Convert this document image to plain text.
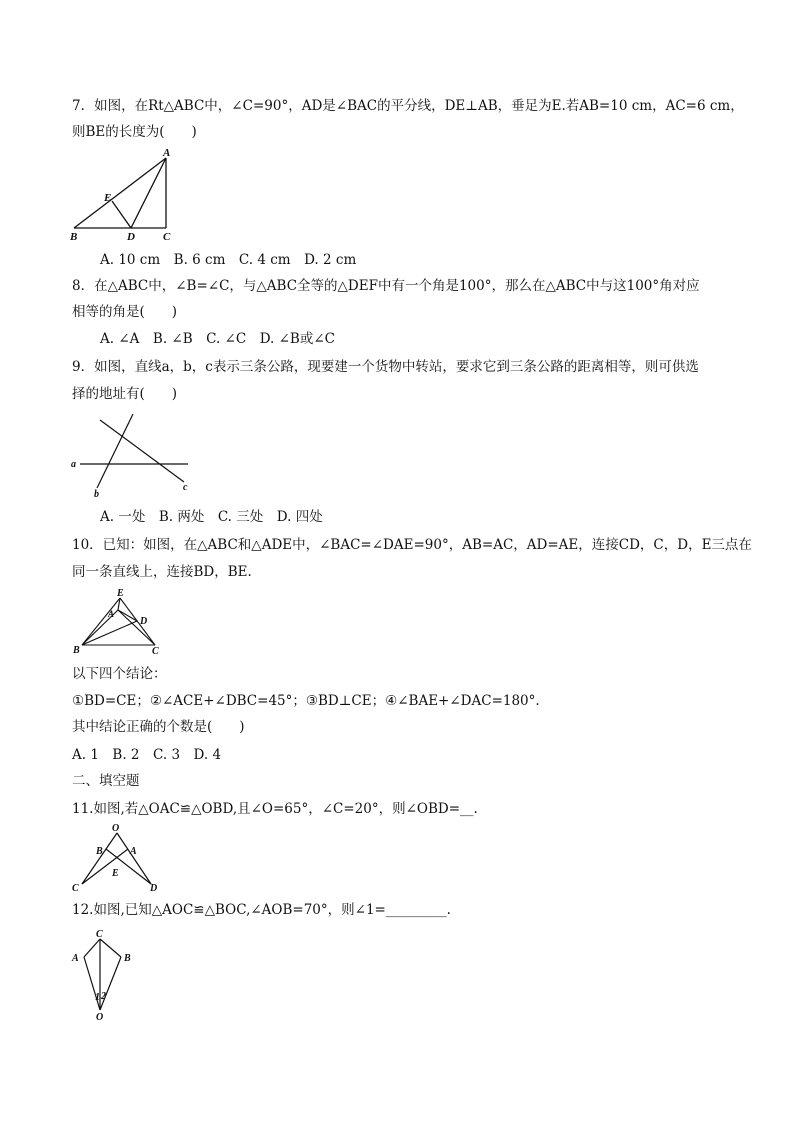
7．如图，在Rt△ABC中，∠C=90°，AD是∠BAC的平分线，DE⊥AB，垂足为E.若AB=10 cm，AC=6 cm，
则BE的长度为(　　)
A
B	C
D
E
A. 10 cm　B. 6 cm　C. 4 cm　D. 2 cm
8．在△ABC中，∠B=∠C，与△ABC全等的△DEF中有一个角是100°，那么在△ABC中与这100°角对应
相等的角是(　　)
A. ∠A　B. ∠B　C. ∠C　D. ∠B或∠C
9．如图，直线a，b，c表示三条公路，现要建一个货物中转站，要求它到三条公路的距离相等，则可供选
择的地址有(　　)
a
b
c
A. 一处　B. 两处　C. 三处　D. 四处
10．已知：如图，在△ABC和△ADE中，∠BAC=∠DAE=90°，AB=AC，AD=AE，连接CD，C，D，E三点在
同一条直线上，连接BD，BE.
E
A
D
B	C
以下四个结论：
①BD=CE；②∠ACE+∠DBC=45°；③BD⊥CE；④∠BAE+∠DAC=180°.
其中结论正确的个数是(　　)
A. 1　B. 2　C. 3　D. 4
二、填空题
11.如图,若△OAC≌△OBD,且∠O=65°，∠C=20°，则∠OBD=__.
O
B	A
E
C	D
12.如图,已知△AOC≌△BOC,∠AOB=70°，则∠1=_________.
C
A	B
1 2
O
